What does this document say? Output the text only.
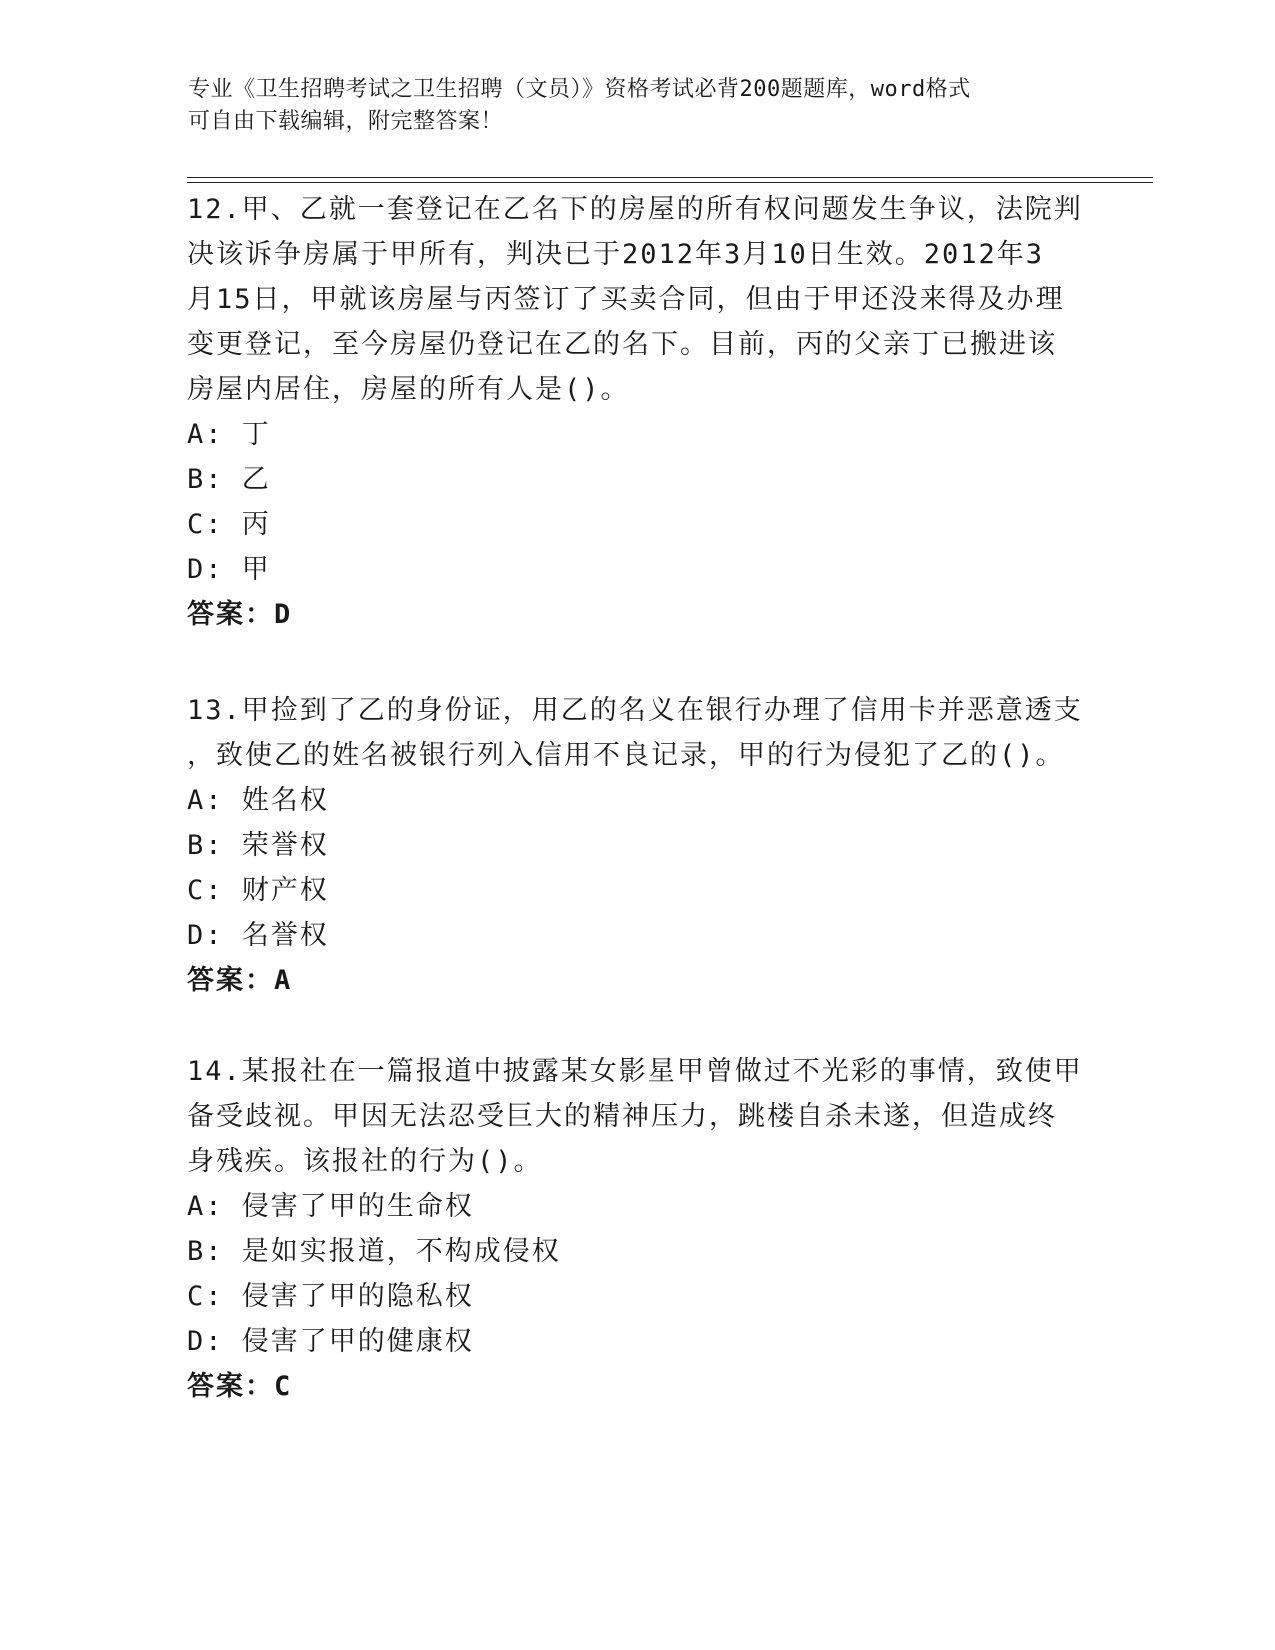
专业《卫生招聘考试之卫生招聘（文员）》资格考试必背200题题库，word格式
可自由下载编辑，附完整答案！
12.甲、乙就一套登记在乙名下的房屋的所有权问题发生争议，法院判
决该诉争房属于甲所有，判决已于2012年3月10日生效。2012年3
月15日，甲就该房屋与丙签订了买卖合同，但由于甲还没来得及办理
变更登记，至今房屋仍登记在乙的名下。目前，丙的父亲丁已搬进该
房屋内居住，房屋的所有人是()。
A: 丁
B: 乙
C: 丙
D: 甲
答案：D
13.甲捡到了乙的身份证，用乙的名义在银行办理了信用卡并恶意透支
，致使乙的姓名被银行列入信用不良记录，甲的行为侵犯了乙的()。
A: 姓名权
B: 荣誉权
C: 财产权
D: 名誉权
答案：A
14.某报社在一篇报道中披露某女影星甲曾做过不光彩的事情，致使甲
备受歧视。甲因无法忍受巨大的精神压力，跳楼自杀未遂，但造成终
身残疾。该报社的行为()。
A: 侵害了甲的生命权
B: 是如实报道，不构成侵权
C: 侵害了甲的隐私权
D: 侵害了甲的健康权
答案：C
